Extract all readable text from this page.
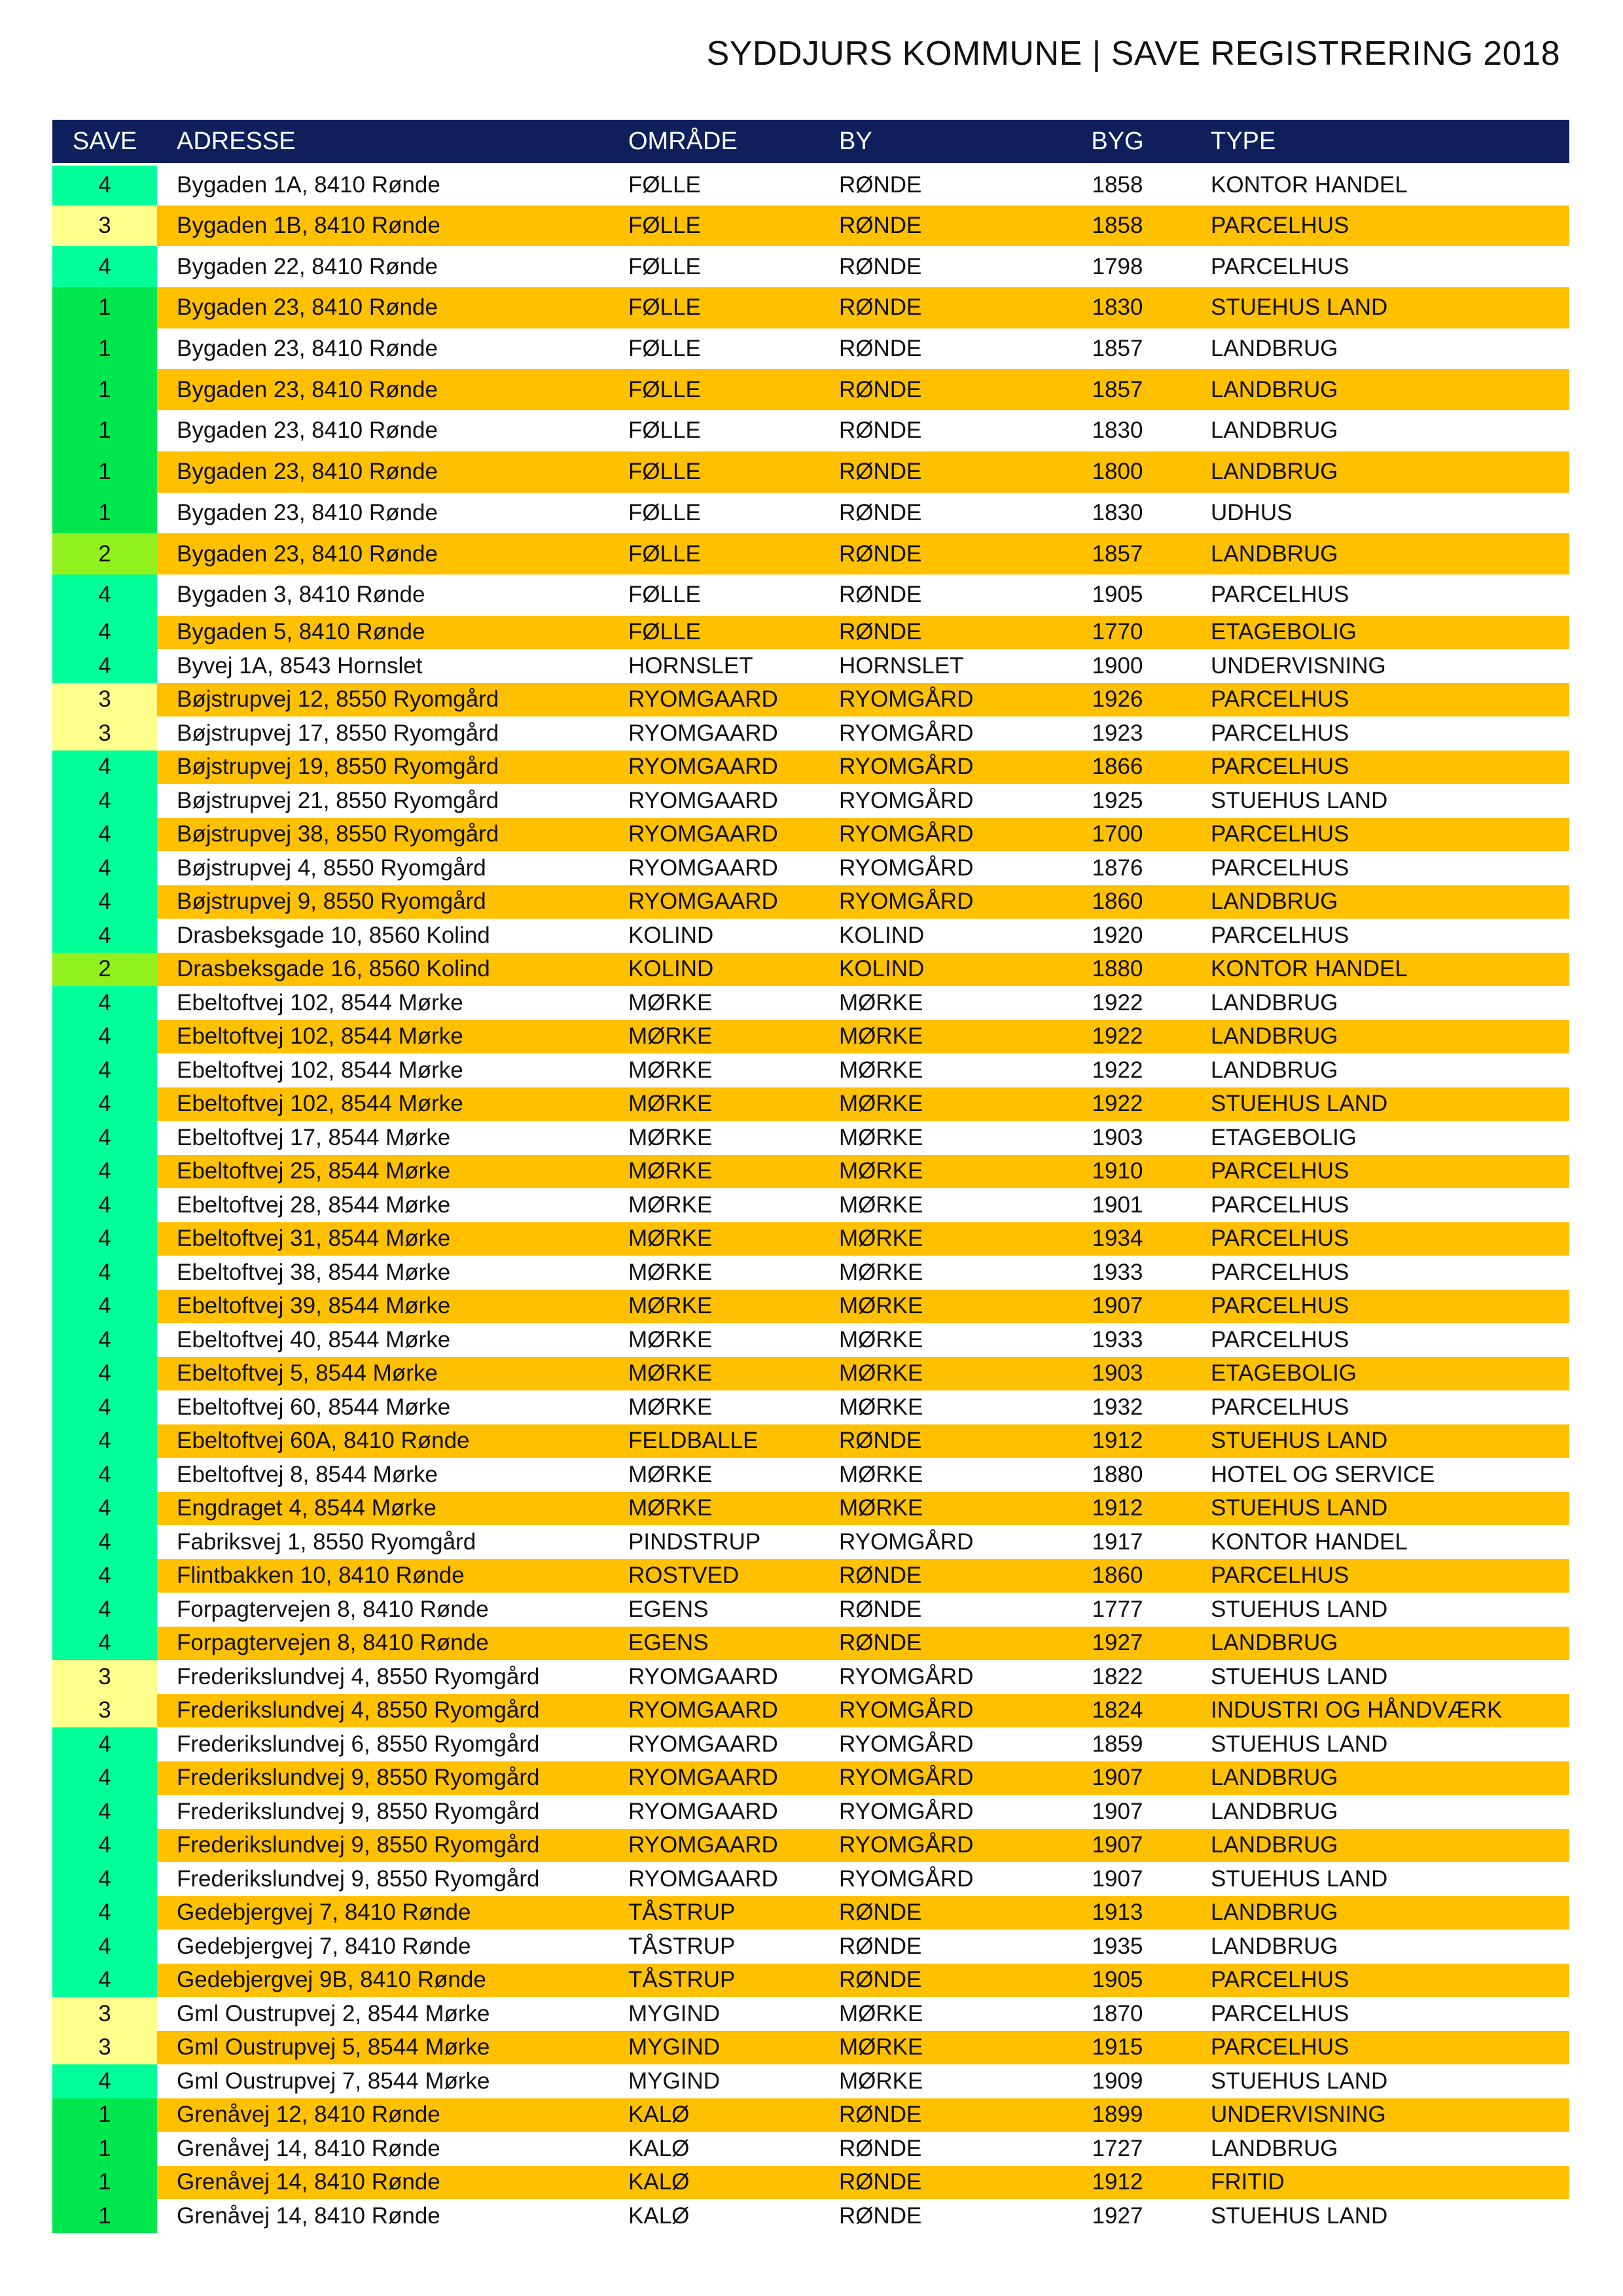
SYDDJURS KOMMUNE | SAVE REGISTRERING 2018
SAVE	ADRESSE	OMRÅDE	BY	BYG	TYPE
4	Bygaden 1A, 8410 Rønde	FØLLE	RØNDE	1858	KONTOR HANDEL
3	Bygaden 1B, 8410 Rønde	FØLLE	RØNDE	1858	PARCELHUS
4	Bygaden 22, 8410 Rønde	FØLLE	RØNDE	1798	PARCELHUS
1	Bygaden 23, 8410 Rønde	FØLLE	RØNDE	1830	STUEHUS LAND
1	Bygaden 23, 8410 Rønde	FØLLE	RØNDE	1857	LANDBRUG
1	Bygaden 23, 8410 Rønde	FØLLE	RØNDE	1857	LANDBRUG
1	Bygaden 23, 8410 Rønde	FØLLE	RØNDE	1830	LANDBRUG
1	Bygaden 23, 8410 Rønde	FØLLE	RØNDE	1800	LANDBRUG
1	Bygaden 23, 8410 Rønde	FØLLE	RØNDE	1830	UDHUS
2	Bygaden 23, 8410 Rønde	FØLLE	RØNDE	1857	LANDBRUG
4	Bygaden 3, 8410 Rønde	FØLLE	RØNDE	1905	PARCELHUS
4	Bygaden 5, 8410 Rønde	FØLLE	RØNDE	1770	ETAGEBOLIG
4	Byvej 1A, 8543 Hornslet	HORNSLET	HORNSLET	1900	UNDERVISNING
3	Bøjstrupvej 12, 8550 Ryomgård	RYOMGAARD	RYOMGÅRD	1926	PARCELHUS
3	Bøjstrupvej 17, 8550 Ryomgård	RYOMGAARD	RYOMGÅRD	1923	PARCELHUS
4	Bøjstrupvej 19, 8550 Ryomgård	RYOMGAARD	RYOMGÅRD	1866	PARCELHUS
4	Bøjstrupvej 21, 8550 Ryomgård	RYOMGAARD	RYOMGÅRD	1925	STUEHUS LAND
4	Bøjstrupvej 38, 8550 Ryomgård	RYOMGAARD	RYOMGÅRD	1700	PARCELHUS
4	Bøjstrupvej 4, 8550 Ryomgård	RYOMGAARD	RYOMGÅRD	1876	PARCELHUS
4	Bøjstrupvej 9, 8550 Ryomgård	RYOMGAARD	RYOMGÅRD	1860	LANDBRUG
4	Drasbeksgade 10, 8560 Kolind	KOLIND	KOLIND	1920	PARCELHUS
2	Drasbeksgade 16, 8560 Kolind	KOLIND	KOLIND	1880	KONTOR HANDEL
4	Ebeltoftvej 102, 8544 Mørke	MØRKE	MØRKE	1922	LANDBRUG
4	Ebeltoftvej 102, 8544 Mørke	MØRKE	MØRKE	1922	LANDBRUG
4	Ebeltoftvej 102, 8544 Mørke	MØRKE	MØRKE	1922	LANDBRUG
4	Ebeltoftvej 102, 8544 Mørke	MØRKE	MØRKE	1922	STUEHUS LAND
4	Ebeltoftvej 17, 8544 Mørke	MØRKE	MØRKE	1903	ETAGEBOLIG
4	Ebeltoftvej 25, 8544 Mørke	MØRKE	MØRKE	1910	PARCELHUS
4	Ebeltoftvej 28, 8544 Mørke	MØRKE	MØRKE	1901	PARCELHUS
4	Ebeltoftvej 31, 8544 Mørke	MØRKE	MØRKE	1934	PARCELHUS
4	Ebeltoftvej 38, 8544 Mørke	MØRKE	MØRKE	1933	PARCELHUS
4	Ebeltoftvej 39, 8544 Mørke	MØRKE	MØRKE	1907	PARCELHUS
4	Ebeltoftvej 40, 8544 Mørke	MØRKE	MØRKE	1933	PARCELHUS
4	Ebeltoftvej 5, 8544 Mørke	MØRKE	MØRKE	1903	ETAGEBOLIG
4	Ebeltoftvej 60, 8544 Mørke	MØRKE	MØRKE	1932	PARCELHUS
4	Ebeltoftvej 60A, 8410 Rønde	FELDBALLE	RØNDE	1912	STUEHUS LAND
4	Ebeltoftvej 8, 8544 Mørke	MØRKE	MØRKE	1880	HOTEL OG SERVICE
4	Engdraget 4, 8544 Mørke	MØRKE	MØRKE	1912	STUEHUS LAND
4	Fabriksvej 1, 8550 Ryomgård	PINDSTRUP	RYOMGÅRD	1917	KONTOR HANDEL
4	Flintbakken 10, 8410 Rønde	ROSTVED	RØNDE	1860	PARCELHUS
4	Forpagtervejen 8, 8410 Rønde	EGENS	RØNDE	1777	STUEHUS LAND
4	Forpagtervejen 8, 8410 Rønde	EGENS	RØNDE	1927	LANDBRUG
3	Frederikslundvej 4, 8550 Ryomgård	RYOMGAARD	RYOMGÅRD	1822	STUEHUS LAND
3	Frederikslundvej 4, 8550 Ryomgård	RYOMGAARD	RYOMGÅRD	1824	INDUSTRI OG HÅNDVÆRK
4	Frederikslundvej 6, 8550 Ryomgård	RYOMGAARD	RYOMGÅRD	1859	STUEHUS LAND
4	Frederikslundvej 9, 8550 Ryomgård	RYOMGAARD	RYOMGÅRD	1907	LANDBRUG
4	Frederikslundvej 9, 8550 Ryomgård	RYOMGAARD	RYOMGÅRD	1907	LANDBRUG
4	Frederikslundvej 9, 8550 Ryomgård	RYOMGAARD	RYOMGÅRD	1907	LANDBRUG
4	Frederikslundvej 9, 8550 Ryomgård	RYOMGAARD	RYOMGÅRD	1907	STUEHUS LAND
4	Gedebjergvej 7, 8410 Rønde	TÅSTRUP	RØNDE	1913	LANDBRUG
4	Gedebjergvej 7, 8410 Rønde	TÅSTRUP	RØNDE	1935	LANDBRUG
4	Gedebjergvej 9B, 8410 Rønde	TÅSTRUP	RØNDE	1905	PARCELHUS
3	Gml Oustrupvej 2, 8544 Mørke	MYGIND	MØRKE	1870	PARCELHUS
3	Gml Oustrupvej 5, 8544 Mørke	MYGIND	MØRKE	1915	PARCELHUS
4	Gml Oustrupvej 7, 8544 Mørke	MYGIND	MØRKE	1909	STUEHUS LAND
1	Grenåvej 12, 8410 Rønde	KALØ	RØNDE	1899	UNDERVISNING
1	Grenåvej 14, 8410 Rønde	KALØ	RØNDE	1727	LANDBRUG
1	Grenåvej 14, 8410 Rønde	KALØ	RØNDE	1912	FRITID
1	Grenåvej 14, 8410 Rønde	KALØ	RØNDE	1927	STUEHUS LAND
